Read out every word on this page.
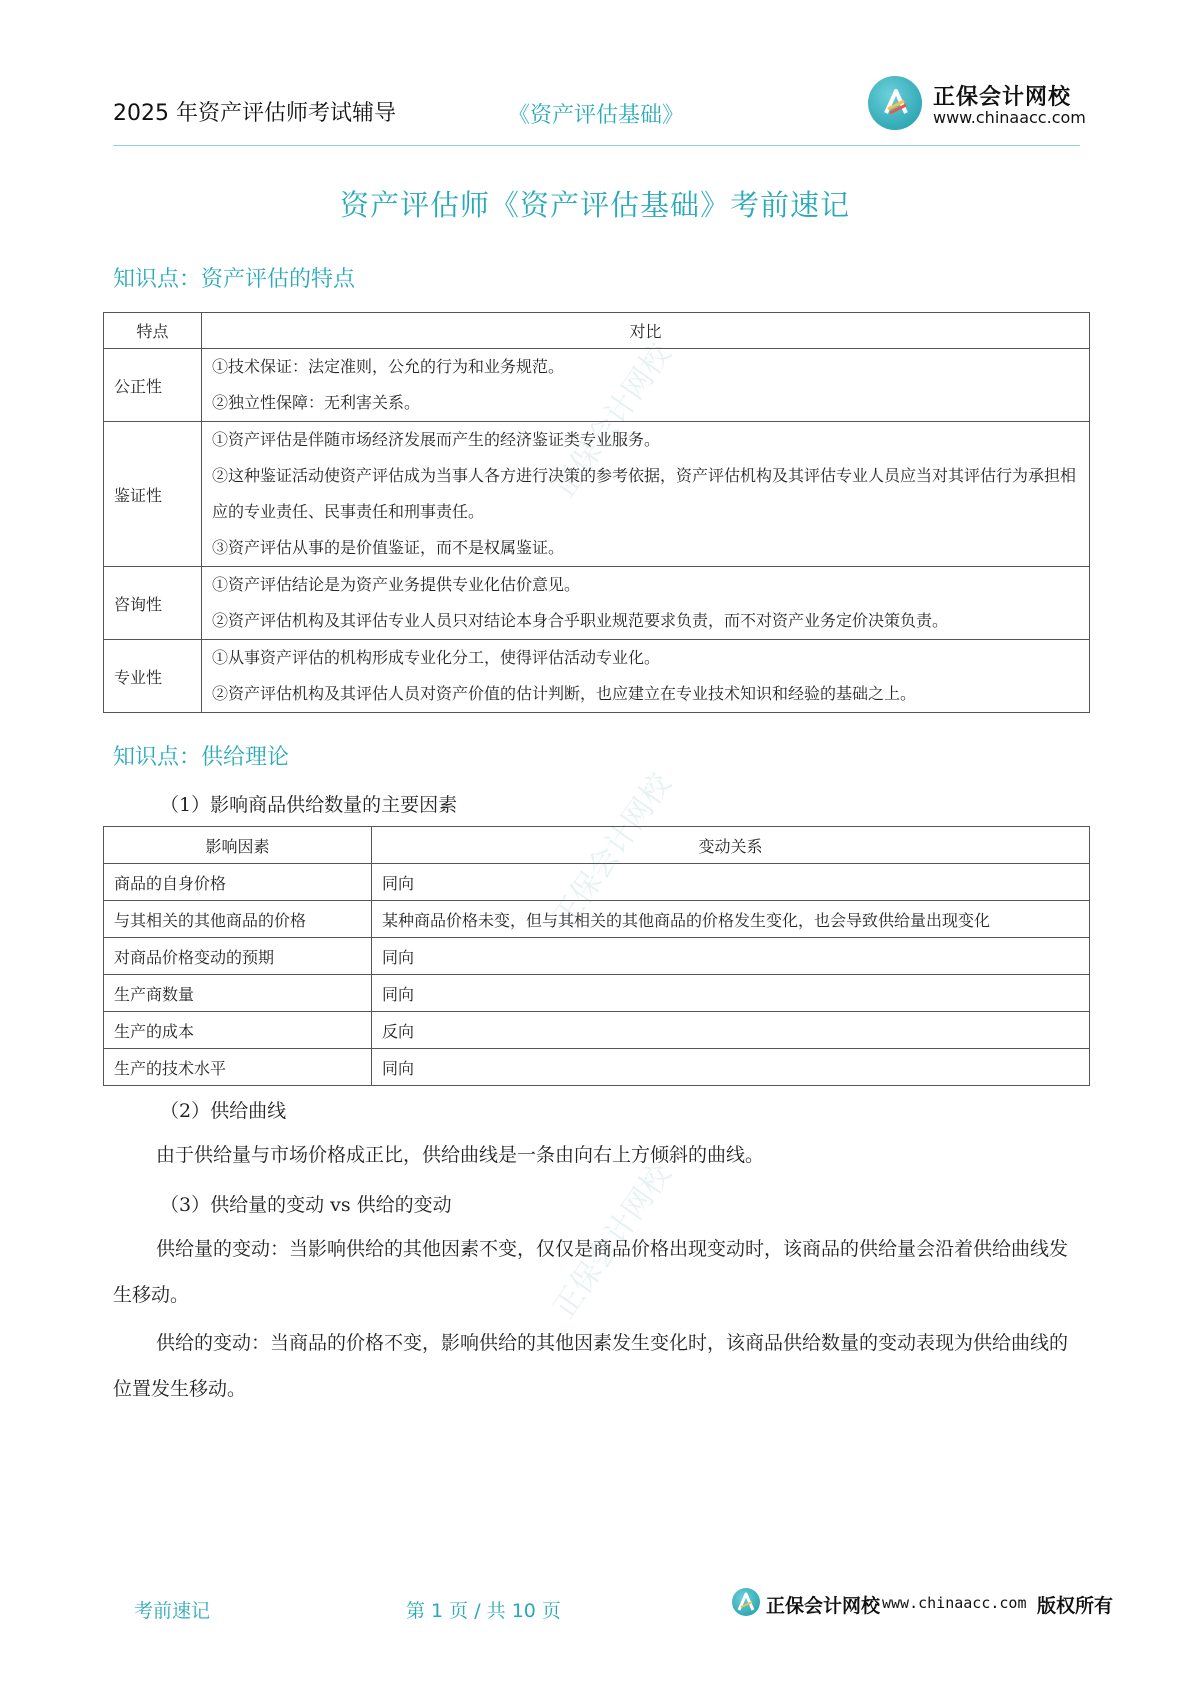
2025 年资产评估师考试辅导	《资产评估基础》
正保会计网校
www.chinaacc.com
资产评估师《资产评估基础》考前速记
正保会计网校
正保会计网校
正保会计网校
知识点：资产评估的特点
特点	对比
公正性	①技术保证：法定准则，公允的行为和业务规范。

②独立性保障：无利害关系。

鉴证性	①资产评估是伴随市场经济发展而产生的经济鉴证类专业服务。

②这种鉴证活动使资产评估成为当事人各方进行决策的参考依据，资产评估机构及其评估专业人员应当对其评估行为承担相应的专业责任、民事责任和刑事责任。

③资产评估从事的是价值鉴证，而不是权属鉴证。

咨询性	①资产评估结论是为资产业务提供专业化估价意见。

②资产评估机构及其评估专业人员只对结论本身合乎职业规范要求负责，而不对资产业务定价决策负责。

专业性	①从事资产评估的机构形成专业化分工，使得评估活动专业化。

②资产评估机构及其评估人员对资产价值的估计判断，也应建立在专业技术知识和经验的基础之上。

知识点：供给理论
（1）影响商品供给数量的主要因素
影响因素	变动关系
商品的自身价格	同向
与其相关的其他商品的价格	某种商品价格未变，但与其相关的其他商品的价格发生变化，也会导致供给量出现变化
对商品价格变动的预期	同向
生产商数量	同向
生产的成本	反向
生产的技术水平	同向
（2）供给曲线
由于供给量与市场价格成正比，供给曲线是一条由向右上方倾斜的曲线。
（3）供给量的变动 vs 供给的变动
供给量的变动：当影响供给的其他因素不变，仅仅是商品价格出现变动时，该商品的供给量会沿着供给曲线发生移动。
供给的变动：当商品的价格不变，影响供给的其他因素发生变化时，该商品供给数量的变动表现为供给曲线的位置发生移动。
考前速记	第 1 页 / 共 10 页	正保会计网校 www.chinaacc.com 版权所有
